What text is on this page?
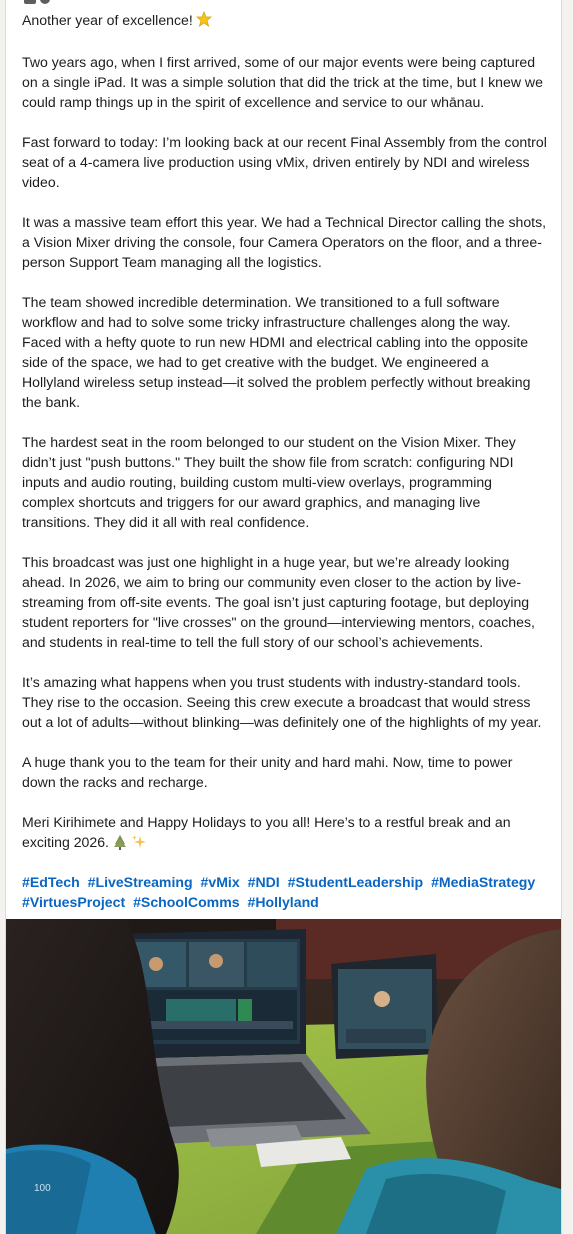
Another year of excellence!

Two years ago, when I first arrived, some of our major events were being captured on a single iPad. It was a simple solution that did the trick at the time, but I knew we could ramp things up in the spirit of excellence and service to our whānau.

Fast forward to today: I’m looking back at our recent Final Assembly from the control seat of a 4-camera live production using vMix, driven entirely by NDI and wireless video.

It was a massive team effort this year. We had a Technical Director calling the shots, a Vision Mixer driving the console, four Camera Operators on the floor, and a three-person Support Team managing all the logistics.

The team showed incredible determination. We transitioned to a full software workflow and had to solve some tricky infrastructure challenges along the way. Faced with a hefty quote to run new HDMI and electrical cabling into the opposite side of the space, we had to get creative with the budget. We engineered a Hollyland wireless setup instead—it solved the problem perfectly without breaking the bank.

The hardest seat in the room belonged to our student on the Vision Mixer. They didn’t just "push buttons." They built the show file from scratch: configuring NDI inputs and audio routing, building custom multi-view overlays, programming complex shortcuts and triggers for our award graphics, and managing live transitions. They did it all with real confidence.

This broadcast was just one highlight in a huge year, but we’re already looking ahead. In 2026, we aim to bring our community even closer to the action by live-streaming from off-site events. The goal isn’t just capturing footage, but deploying student reporters for "live crosses" on the ground—interviewing mentors, coaches, and students in real-time to tell the full story of our school’s achievements.

It’s amazing what happens when you trust students with industry-standard tools. They rise to the occasion. Seeing this crew execute a broadcast that would stress out a lot of adults—without blinking—was definitely one of the highlights of my year.

A huge thank you to the team for their unity and hard mahi. Now, time to power down the racks and recharge.

Meri Kirihimete and Happy Holidays to you all! Here’s to a restful break and an exciting 2026.

#EdTech #LiveStreaming #vMix #NDI #StudentLeadership #MediaStrategy #VirtuesProject #SchoolComms #Hollyland
100
